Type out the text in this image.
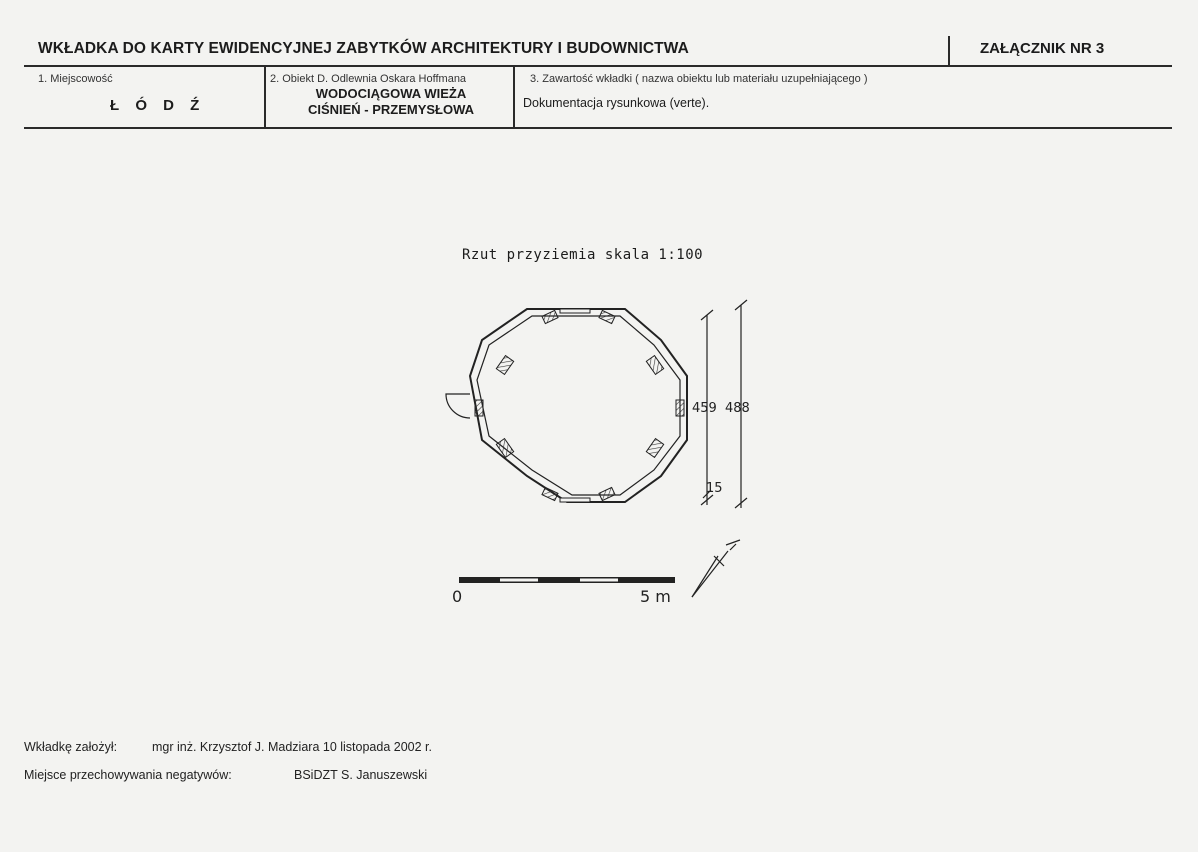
WKŁADKA DO KARTY EWIDENCYJNEJ ZABYTKÓW ARCHITEKTURY I BUDOWNICTWA	ZAŁĄCZNIK NR 3
1. Miejscowość
Ł Ó D Ź
2. Obiekt D. Odlewnia Oskara Hoffmana
WODOCIĄGOWA WIEŻA
CIŚNIEŃ - PRZEMYSŁOWA
3. Zawartość wkładki ( nazwa obiektu lub materiału uzupełniającego )
Dokumentacja rysunkowa (verte).
Rzut przyziemia skala 1:100
459 488
15
0	5 m
Wkładkę założył:	mgr inż. Krzysztof J. Madziara 10 listopada 2002 r.
Miejsce przechowywania negatywów:	BSiDZT S. Januszewski
